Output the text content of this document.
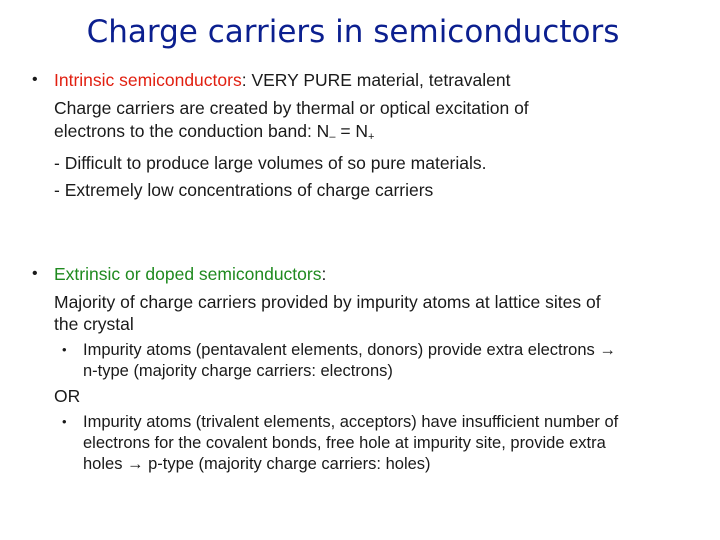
Charge carriers in semiconductors
• Intrinsic semiconductors: VERY PURE material, tetravalent
Charge carriers are created by thermal or optical excitation of
electrons to the conduction band: $N_- = N_+$
- Difficult to produce large volumes of so pure materials.
- Extremely low concentrations of charge carriers
• Extrinsic or doped semiconductors:
Majority of charge carriers provided by impurity atoms at lattice sites of
the crystal
• Impurity atoms (pentavalent elements, donors) provide extra electrons →
n-type (majority charge carriers: electrons)
OR
• Impurity atoms (trivalent elements, acceptors) have insufficient number of
electrons for the covalent bonds, free hole at impurity site, provide extra
holes → p-type (majority charge carriers: holes)
